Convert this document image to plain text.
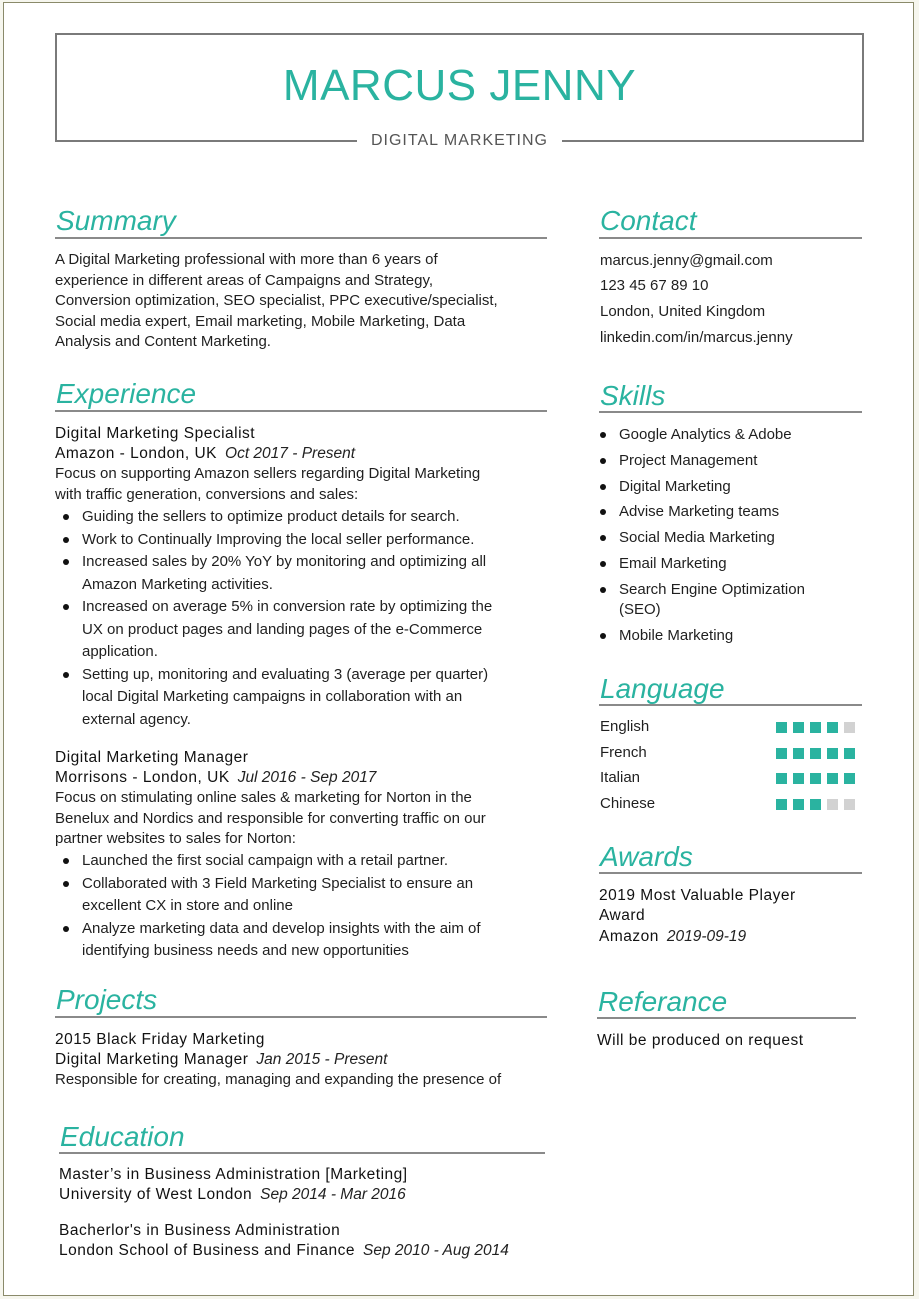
MARCUS JENNY
DIGITAL MARKETING
Summary
A Digital Marketing professional with more than 6 years of
experience in different areas of Campaigns and Strategy,
Conversion optimization, SEO specialist, PPC executive/specialist,
Social media expert, Email marketing, Mobile Marketing, Data
Analysis and Content Marketing.
Experience
Digital Marketing Specialist
Amazon - London, UK Oct 2017 - Present
Focus on supporting Amazon sellers regarding Digital Marketing
with traffic generation, conversions and sales:
Guiding the sellers to optimize product details for search.
Work to Continually Improving the local seller performance.
Increased sales by 20% YoY by monitoring and optimizing all
Amazon Marketing activities.
Increased on average 5% in conversion rate by optimizing the
UX on product pages and landing pages of the e-Commerce
application.
Setting up, monitoring and evaluating 3 (average per quarter)
local Digital Marketing campaigns in collaboration with an
external agency.
Digital Marketing Manager
Morrisons - London, UK Jul 2016 - Sep 2017
Focus on stimulating online sales & marketing for Norton in the
Benelux and Nordics and responsible for converting traffic on our
partner websites to sales for Norton:
Launched the first social campaign with a retail partner.
Collaborated with 3 Field Marketing Specialist to ensure an
excellent CX in store and online
Analyze marketing data and develop insights with the aim of
identifying business needs and new opportunities
Projects
2015 Black Friday Marketing
Digital Marketing Manager Jan 2015 - Present
Responsible for creating, managing and expanding the presence of
Education
Master’s in Business Administration [Marketing]
University of West London Sep 2014 - Mar 2016
Bacherlor's in Business Administration
London School of Business and Finance Sep 2010 - Aug 2014
Contact
marcus.jenny@gmail.com
123 45 67 89 10
London, United Kingdom
linkedin.com/in/marcus.jenny
Skills
Google Analytics & Adobe
Project Management
Digital Marketing
Advise Marketing teams
Social Media Marketing
Email Marketing
Search Engine Optimization
(SEO)
Mobile Marketing
Language
English
French
Italian
Chinese
Awards
2019 Most Valuable Player
Award
Amazon 2019-09-19
Referance
Will be produced on request
